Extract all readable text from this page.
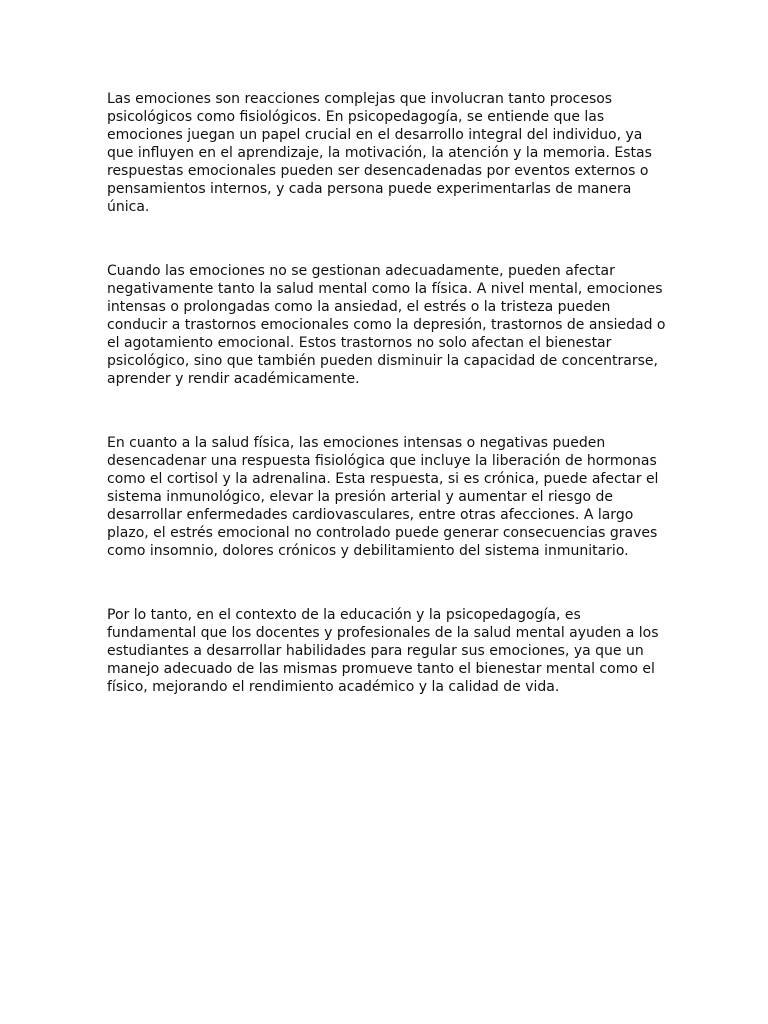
Las emociones son reacciones complejas que involucran tanto procesos psicológicos como fisiológicos. En psicopedagogía, se entiende que las emociones juegan un papel crucial en el desarrollo integral del individuo, ya que influyen en el aprendizaje, la motivación, la atención y la memoria. Estas respuestas emocionales pueden ser desencadenadas por eventos externos o pensamientos internos, y cada persona puede experimentarlas de manera única.

Cuando las emociones no se gestionan adecuadamente, pueden afectar negativamente tanto la salud mental como la física. A nivel mental, emociones intensas o prolongadas como la ansiedad, el estrés o la tristeza pueden conducir a trastornos emocionales como la depresión, trastornos de ansiedad o el agotamiento emocional. Estos trastornos no solo afectan el bienestar psicológico, sino que también pueden disminuir la capacidad de concentrarse, aprender y rendir académicamente.

En cuanto a la salud física, las emociones intensas o negativas pueden desencadenar una respuesta fisiológica que incluye la liberación de hormonas como el cortisol y la adrenalina. Esta respuesta, si es crónica, puede afectar el sistema inmunológico, elevar la presión arterial y aumentar el riesgo de desarrollar enfermedades cardiovasculares, entre otras afecciones. A largo plazo, el estrés emocional no controlado puede generar consecuencias graves como insomnio, dolores crónicos y debilitamiento del sistema inmunitario.

Por lo tanto, en el contexto de la educación y la psicopedagogía, es fundamental que los docentes y profesionales de la salud mental ayuden a los estudiantes a desarrollar habilidades para regular sus emociones, ya que un manejo adecuado de las mismas promueve tanto el bienestar mental como el físico, mejorando el rendimiento académico y la calidad de vida.
